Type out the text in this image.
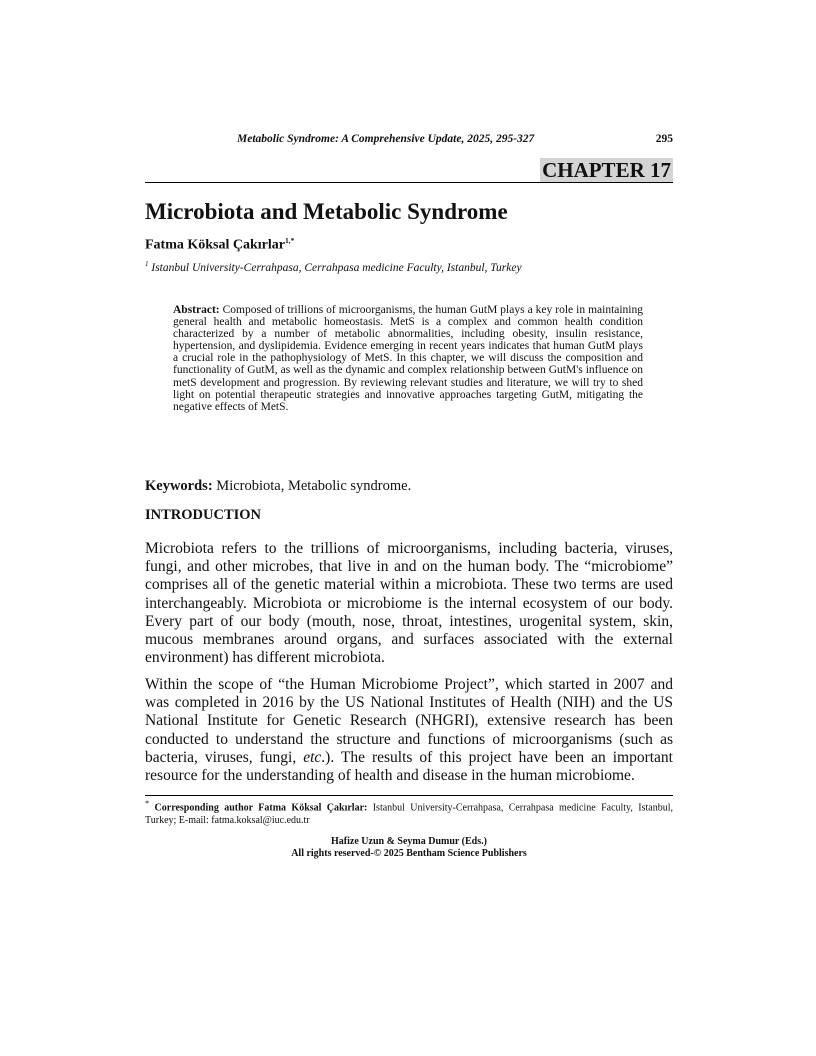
Metabolic Syndrome: A Comprehensive Update, 2025, 295-327	295
CHAPTER 17
Microbiota and Metabolic Syndrome
Fatma Köksal Çakırlar$^{1,*}$
$^1$ Istanbul University-Cerrahpasa, Cerrahpasa medicine Faculty, Istanbul, Turkey

Abstract: Composed of trillions of microorganisms, the human GutM plays a key role in maintaining general health and metabolic homeostasis. MetS is a complex and common health condition characterized by a number of metabolic abnormalities, including obesity, insulin resistance, hypertension, and dyslipidemia. Evidence emerging in recent years indicates that human GutM plays a crucial role in the pathophysiology of MetS. In this chapter, we will discuss the composition and functionality of GutM, as well as the dynamic and complex relationship between GutM's influence on metS development and progression. By reviewing relevant studies and literature, we will try to shed light on potential therapeutic strategies and innovative approaches targeting GutM, mitigating the negative effects of MetS.

Keywords: Microbiota, Metabolic syndrome.
INTRODUCTION

Microbiota refers to the trillions of microorganisms, including bacteria, viruses, fungi, and other microbes, that live in and on the human body. The “microbiome” comprises all of the genetic material within a microbiota. These two terms are used interchangeably. Microbiota or microbiome is the internal ecosystem of our body. Every part of our body (mouth, nose, throat, intestines, urogenital system, skin, mucous membranes around organs, and surfaces associated with the external environment) has different microbiota.

Within the scope of “the Human Microbiome Project”, which started in 2007 and was completed in 2016 by the US National Institutes of Health (NIH) and the US National Institute for Genetic Research (NHGRI), extensive research has been conducted to understand the structure and functions of microorganisms (such as bacteria, viruses, fungi, etc.). The results of this project have been an important resource for the understanding of health and disease in the human microbiome.

* Corresponding author Fatma Köksal Çakırlar: Istanbul University-Cerrahpasa, Cerrahpasa medicine Faculty, Istanbul, Turkey; E-mail: fatma.koksal@iuc.edu.tr

Hafize Uzun & Seyma Dumur (Eds.)
All rights reserved-© 2025 Bentham Science Publishers
